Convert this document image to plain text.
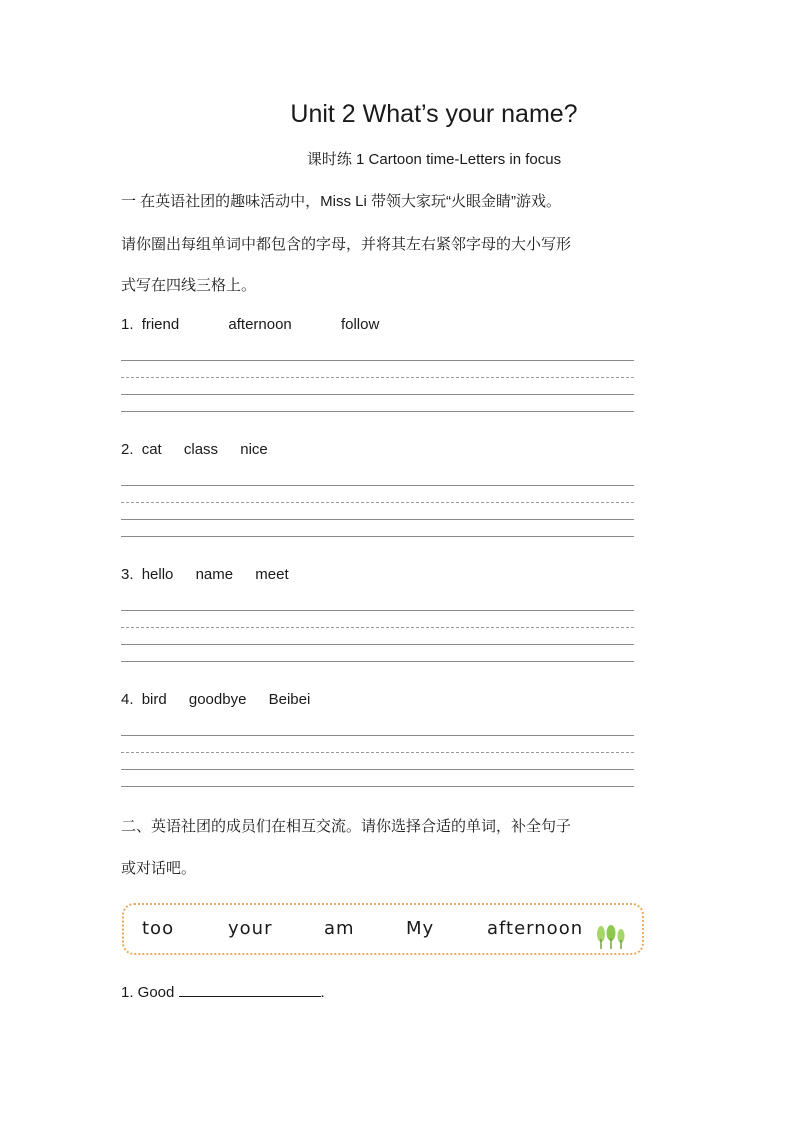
Unit 2 What’s your name?
课时练 1 Cartoon time-Letters in focus
一 在英语社团的趣味活动中，Miss Li 带领大家玩“火眼金睛”游戏。
请你圈出每组单词中都包含的字母，并将其左右紧邻字母的大小写形
式写在四线三格上。
1. friend	afternoon	follow
2. cat class nice
3. hello name meet
4. bird goodbye Beibei
二、英语社团的成员们在相互交流。请你选择合适的单词，补全句子
或对话吧。
too	your	am	My	afternoon
1. Good	.
